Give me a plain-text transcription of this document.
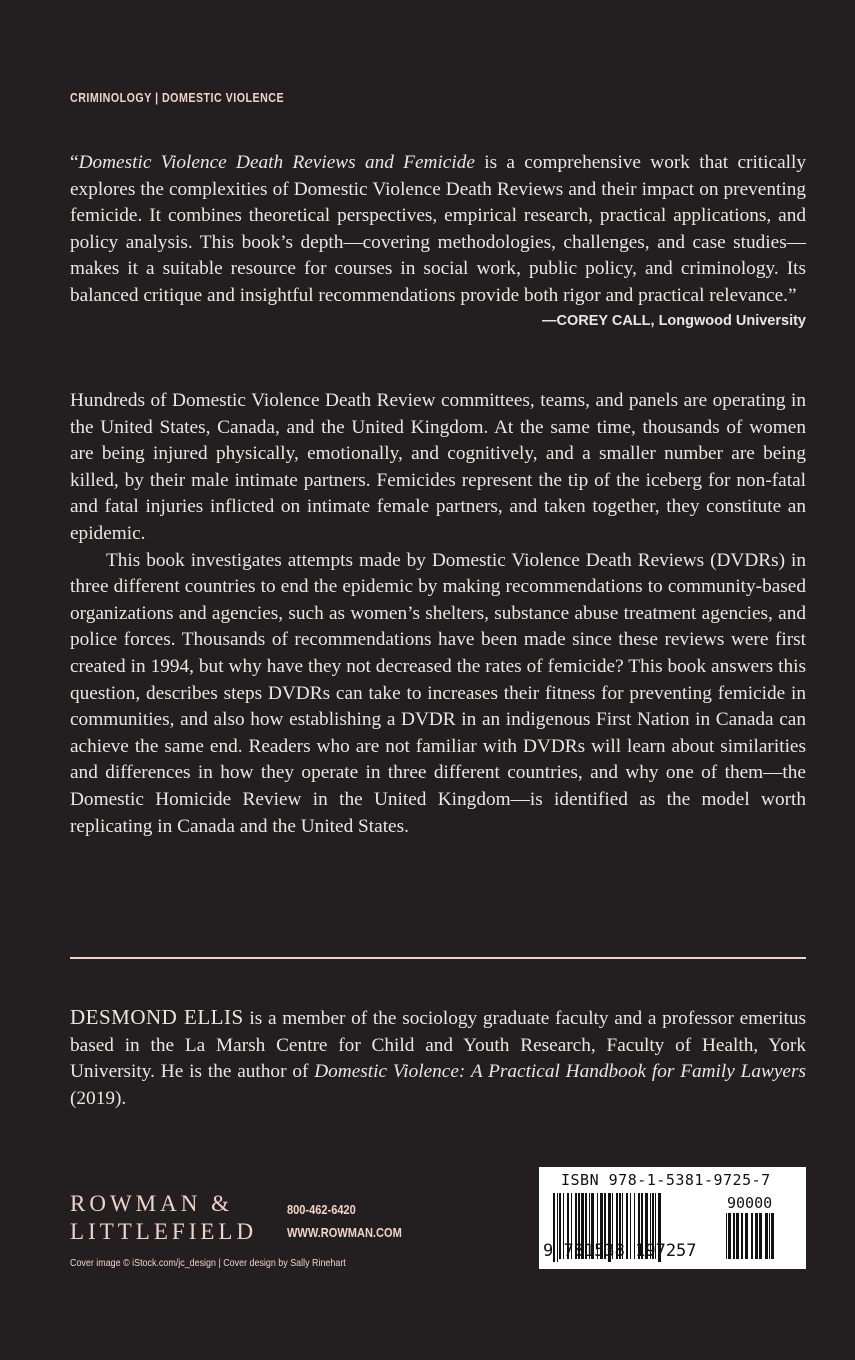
CRIMINOLOGY | DOMESTIC VIOLENCE

“Domestic Violence Death Reviews and Femicide is a comprehensive work that critically explores the complexities of Domestic Violence Death Reviews and their impact on preventing femicide. It combines theoretical perspectives, empirical research, practical applications, and policy analysis. This book’s depth—covering methodologies, challenges, and case studies—makes it a suitable resource for courses in social work, public policy, and criminology. Its balanced critique and insightful recommendations provide both rigor and practical relevance.”

—COREY CALL, Longwood University

Hundreds of Domestic Violence Death Review committees, teams, and panels are operating in the United States, Canada, and the United Kingdom. At the same time, thousands of women are being injured physically, emotionally, and cognitively, and a smaller number are being killed, by their male intimate partners. Femicides represent the tip of the iceberg for non-fatal and fatal injuries inflicted on intimate female partners, and taken together, they constitute an epidemic.

This book investigates attempts made by Domestic Violence Death Reviews (DVDRs) in three different countries to end the epidemic by making recommendations to community-based organizations and agencies, such as women’s shelters, substance abuse treatment agencies, and police forces. Thousands of recommendations have been made since these reviews were first created in 1994, but why have they not decreased the rates of femicide? This book answers this question, describes steps DVDRs can take to increases their fitness for preventing femicide in communities, and also how establishing a DVDR in an indigenous First Nation in Canada can achieve the same end. Readers who are not familiar with DVDRs will learn about similarities and differences in how they operate in three different countries, and why one of them—the Domestic Homicide Review in the United Kingdom—is identified as the model worth replicating in Canada and the United States.

DESMOND ELLIS is a member of the sociology graduate faculty and a professor emeritus based in the La Marsh Centre for Child and Youth Research, Faculty of Health, York University. He is the author of Domestic Violence: A Practical Handbook for Family Lawyers (2019).

ROWMAN &
LITTLEFIELD
800-462-6420
WWW.ROWMAN.COM
Cover image © iStock.com/jc_design | Cover design by Sally Rinehart
ISBN 978-1-5381-9725-7
90000
9 781538 197257
